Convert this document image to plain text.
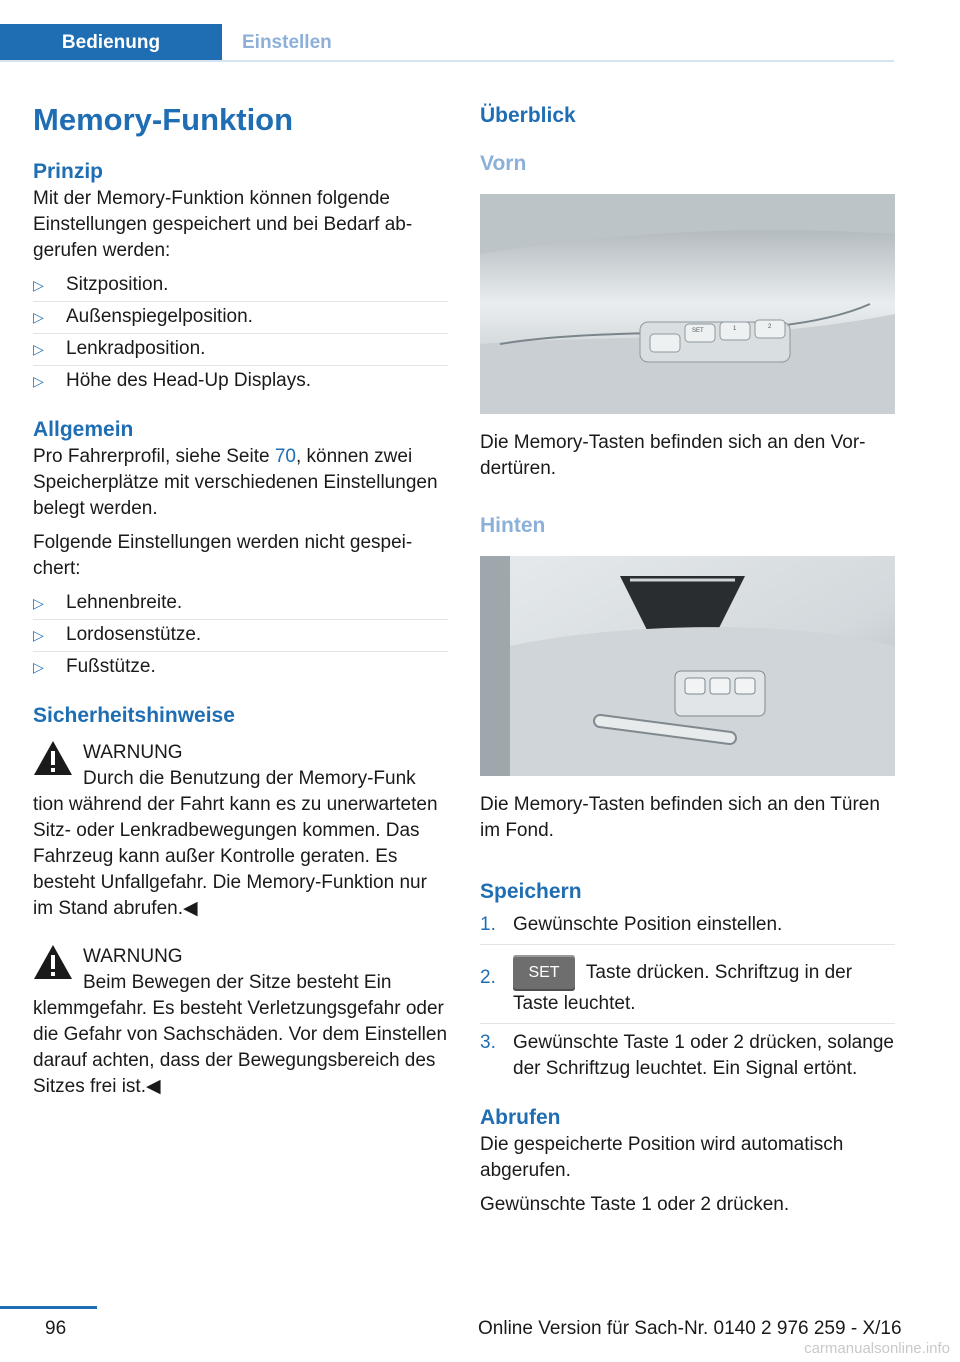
Bedienung	Einstellen
Memory-Funktion
Prinzip

Mit der Memory-Funktion können folgende Einstellungen gespeichert und bei Bedarf abgerufen werden:

▷ Sitzposition.
▷ Außenspiegelposition.
▷ Lenkradposition.
▷ Höhe des Head-Up Displays.
Allgemein

Pro Fahrerprofil, siehe Seite 70, können zwei Speicherplätze mit verschiedenen Einstellungen belegt werden.

Folgende Einstellungen werden nicht gespeichert:

▷ Lehnenbreite.
▷ Lordosenstütze.
▷ Fußstütze.
Sicherheitshinweise
WARNUNG
Durch die Benutzung der Memory-Funk
tion während der Fahrt kann es zu unerwarteten Sitz- oder Lenkradbewegungen kommen. Das Fahrzeug kann außer Kontrolle geraten. Es besteht Unfallgefahr. Die Memory-Funktion nur im Stand abrufen.◀
WARNUNG
Beim Bewegen der Sitze besteht Ein
klemmgefahr. Es besteht Verletzungsgefahr oder die Gefahr von Sachschäden. Vor dem Einstellen darauf achten, dass der Bewegungsbereich des Sitzes frei ist.◀
Überblick
Vorn
SET	1	2

Die Memory-Tasten befinden sich an den Vordertüren.

Hinten

Die Memory-Tasten befinden sich an den Türen im Fond.

Speichern
1. Gewünschte Position einstellen.
2. SET Taste drücken. Schriftzug in der Taste leuchtet.
3. Gewünschte Taste 1 oder 2 drücken, solange der Schriftzug leuchtet. Ein Signal ertönt.
Abrufen

Die gespeicherte Position wird automatisch abgerufen.

Gewünschte Taste 1 oder 2 drücken.

96	Online Version für Sach-Nr. 0140 2 976 259 - X/16
carmanualsonline.info
